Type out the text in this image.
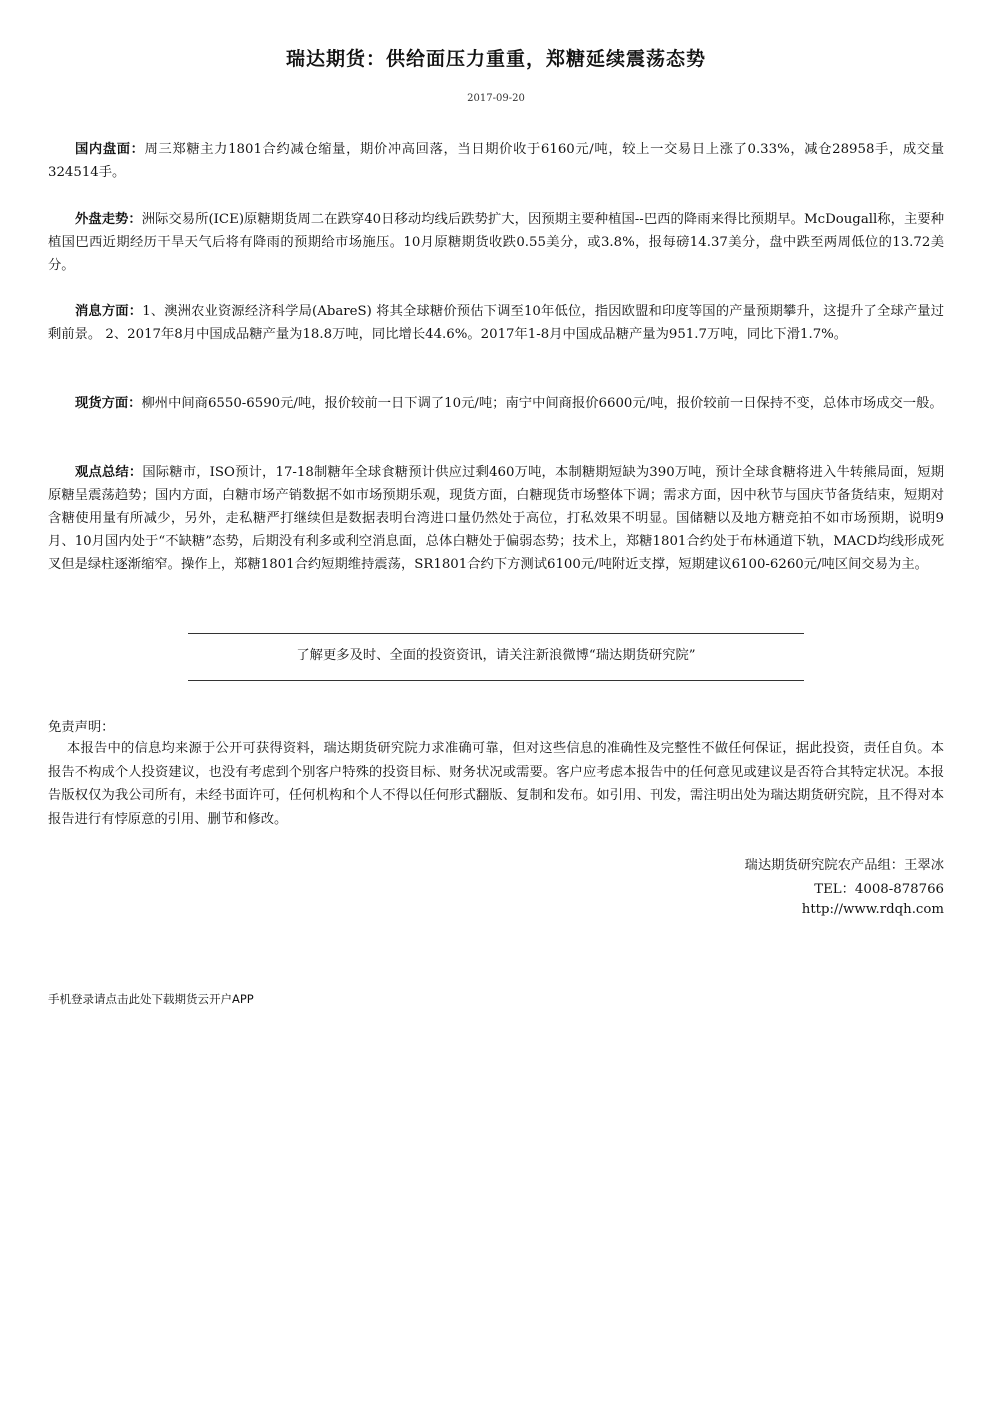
瑞达期货：供给面压力重重，郑糖延续震荡态势
2017-09-20
国内盘面：周三郑糖主力1801合约减仓缩量，期价冲高回落，当日期价收于6160元/吨，较上一交易日上涨了0.33%，减仓28958手，成交量324514手。
外盘走势：洲际交易所(ICE)原糖期货周二在跌穿40日移动均线后跌势扩大，因预期主要种植国--巴西的降雨来得比预期早。McDougall称，主要种植国巴西近期经历干旱天气后将有降雨的预期给市场施压。10月原糖期货收跌0.55美分，或3.8%，报每磅14.37美分，盘中跌至两周低位的13.72美分。
消息方面：1、澳洲农业资源经济科学局(AbareS) 将其全球糖价预估下调至10年低位，指因欧盟和印度等国的产量预期攀升，这提升了全球产量过剩前景。 2、2017年8月中国成品糖产量为18.8万吨，同比增长44.6%。2017年1-8月中国成品糖产量为951.7万吨，同比下滑1.7%。
现货方面：柳州中间商6550-6590元/吨，报价较前一日下调了10元/吨；南宁中间商报价6600元/吨，报价较前一日保持不变，总体市场成交一般。
观点总结：国际糖市，ISO预计，17-18制糖年全球食糖预计供应过剩460万吨，本制糖期短缺为390万吨，预计全球食糖将进入牛转熊局面，短期原糖呈震荡趋势；国内方面，白糖市场产销数据不如市场预期乐观，现货方面，白糖现货市场整体下调；需求方面，因中秋节与国庆节备货结束，短期对含糖使用量有所减少，另外，走私糖严打继续但是数据表明台湾进口量仍然处于高位，打私效果不明显。国储糖以及地方糖竞拍不如市场预期，说明9月、10月国内处于“不缺糖”态势，后期没有利多或利空消息面，总体白糖处于偏弱态势；技术上，郑糖1801合约处于布林通道下轨，MACD均线形成死叉但是绿柱逐渐缩窄。操作上，郑糖1801合约短期维持震荡，SR1801合约下方测试6100元/吨附近支撑，短期建议6100-6260元/吨区间交易为主。
了解更多及时、全面的投资资讯，请关注新浪微博“瑞达期货研究院”
免责声明：
本报告中的信息均来源于公开可获得资料，瑞达期货研究院力求准确可靠，但对这些信息的准确性及完整性不做任何保证，据此投资，责任自负。本报告不构成个人投资建议，也没有考虑到个别客户特殊的投资目标、财务状况或需要。客户应考虑本报告中的任何意见或建议是否符合其特定状况。本报告版权仅为我公司所有，未经书面许可，任何机构和个人不得以任何形式翻版、复制和发布。如引用、刊发，需注明出处为瑞达期货研究院，且不得对本报告进行有悖原意的引用、删节和修改。
瑞达期货研究院农产品组：王翠冰
TEL：4008-878766
http://www.rdqh.com
手机登录请点击此处下载期货云开户APP
